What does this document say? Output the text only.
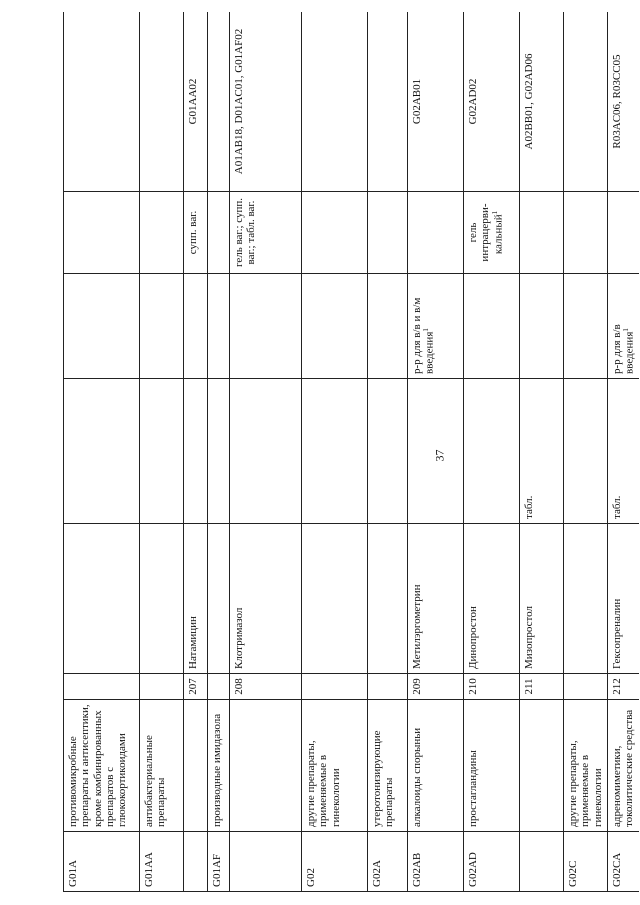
37
G01A	противомикробные препараты и антисептики, кроме комбинированных препаратов с глюкокортикоидами						
G01AA	антибактериальные препараты						
		207	Натамицин			супп. ваг.	G01AA02
G01AF	производные имидазола						
		208	Клотримазол			гель ваг.; супп. ваг.; табл. ваг.	A01AB18, D01AC01, G01AF02
G02	другие препараты, применяемые в гинекологии						
G02A	утеротонизирующие препараты						
G02AB	алкалоиды спорыньи	209	Метилэргометрин		р-р для в/в и в/м введения$^1$		G02AB01
G02AD	простагландины	210	Динопростон			гель интрацерви-кальный$^1$	G02AD02
		211	Мизопростол	табл.			A02BB01, G02AD06
G02C	другие препараты, применяемые в гинекологии						
G02CA	адреномиметики, токолитические средства	212	Гексопреналин	табл.	р-р для в/в введения$^1$		R03AC06, R03CC05
